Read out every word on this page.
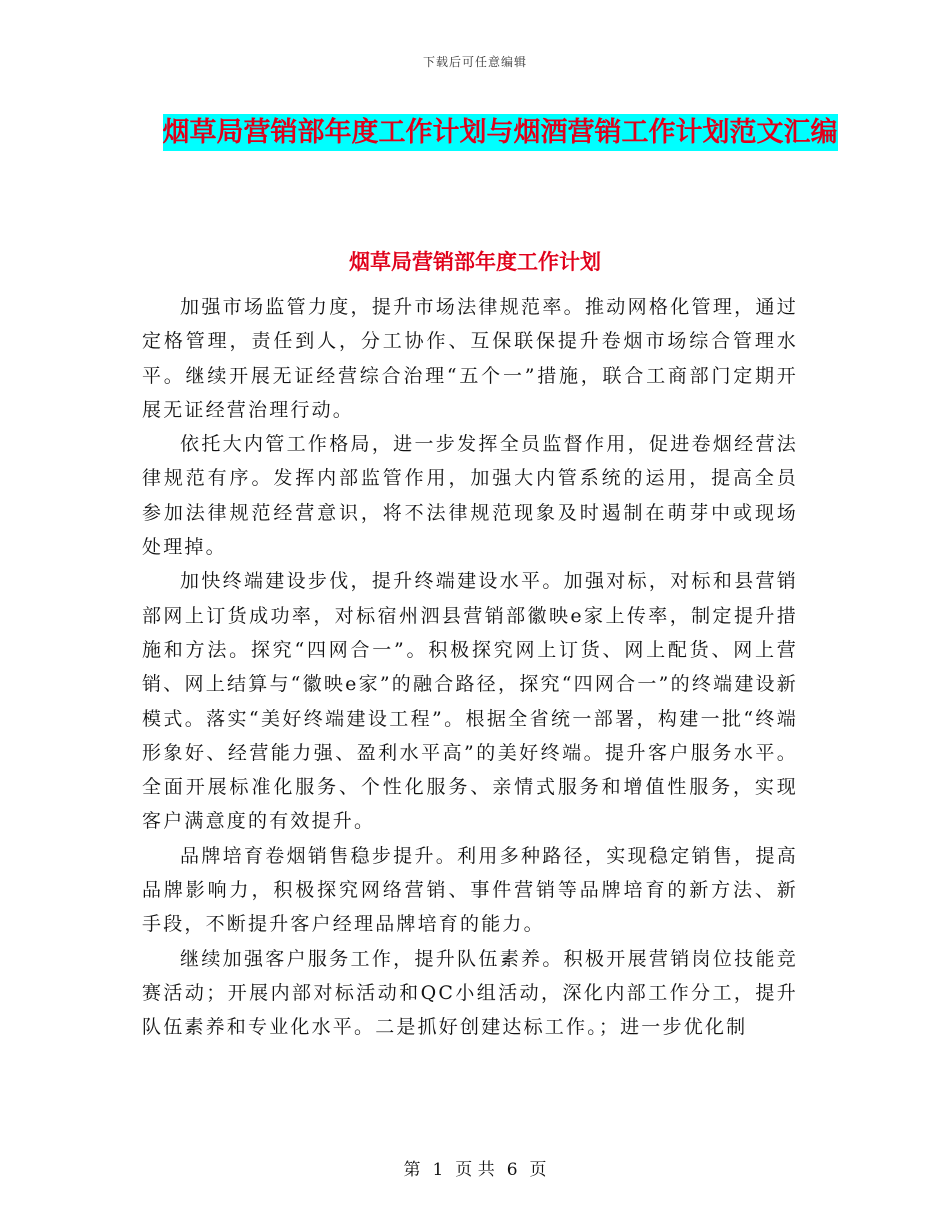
下载后可任意编辑
烟草局营销部年度工作计划与烟酒营销工作计划范文汇编
烟草局营销部年度工作计划

加强市场监管力度，提升市场法律规范率。推动网格化管理，通过定格管理，责任到人，分工协作、互保联保提升卷烟市场综合管理水平。继续开展无证经营综合治理“五个一”措施，联合工商部门定期开展无证经营治理行动。

依托大内管工作格局，进一步发挥全员监督作用，促进卷烟经营法律规范有序。发挥内部监管作用，加强大内管系统的运用，提高全员参加法律规范经营意识，将不法律规范现象及时遏制在萌芽中或现场处理掉。

加快终端建设步伐，提升终端建设水平。加强对标，对标和县营销部网上订货成功率，对标宿州泗县营销部徽映e家上传率，制定提升措施和方法。探究“四网合一”。积极探究网上订货、网上配货、网上营销、网上结算与“徽映e家”的融合路径，探究“四网合一”的终端建设新模式。落实“美好终端建设工程”。根据全省统一部署，构建一批“终端形象好、经营能力强、盈利水平高”的美好终端。提升客户服务水平。全面开展标准化服务、个性化服务、亲情式服务和增值性服务，实现客户满意度的有效提升。

品牌培育卷烟销售稳步提升。利用多种路径，实现稳定销售，提高品牌影响力，积极探究网络营销、事件营销等品牌培育的新方法、新手段，不断提升客户经理品牌培育的能力。

继续加强客户服务工作，提升队伍素养。积极开展营销岗位技能竞赛活动；开展内部对标活动和QC小组活动，深化内部工作分工，提升队伍素养和专业化水平。二是抓好创建达标工作。；进一步优化制

第 1 页 共 6 页
